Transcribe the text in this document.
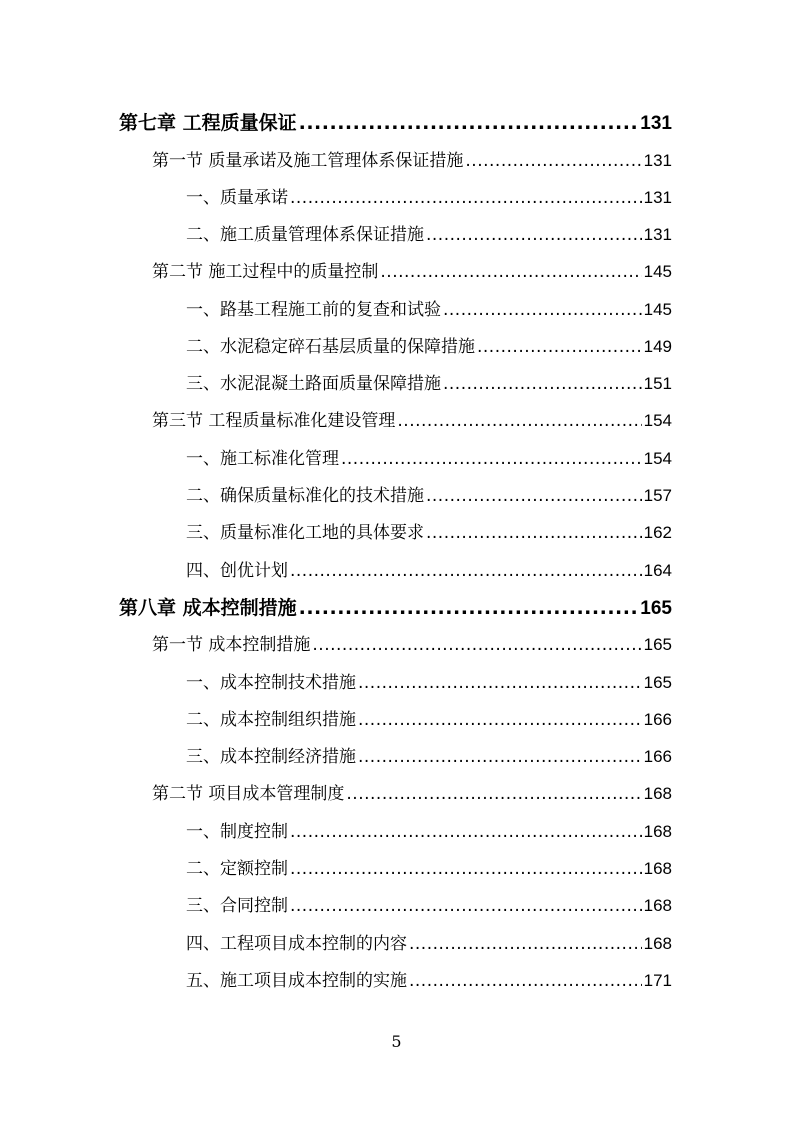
第七章 工程质量保证 .....	131
第一节 质量承诺及施工管理体系保证措施 .....	131
一、质量承诺 .....	131
二、施工质量管理体系保证措施 .....	131
第二节 施工过程中的质量控制 .....	145
一、路基工程施工前的复查和试验 .....	145
二、水泥稳定碎石基层质量的保障措施 .....	149
三、水泥混凝土路面质量保障措施 .....	151
第三节 工程质量标准化建设管理 .....	154
一、施工标准化管理 .....	154
二、确保质量标准化的技术措施 .....	157
三、质量标准化工地的具体要求 .....	162
四、创优计划 .....	164
第八章 成本控制措施 .....	165
第一节 成本控制措施 .....	165
一、成本控制技术措施 .....	165
二、成本控制组织措施 .....	166
三、成本控制经济措施 .....	166
第二节 项目成本管理制度 .....	168
一、制度控制 .....	168
二、定额控制 .....	168
三、合同控制 .....	168
四、工程项目成本控制的内容 .....	168
五、施工项目成本控制的实施 .....	171
5
